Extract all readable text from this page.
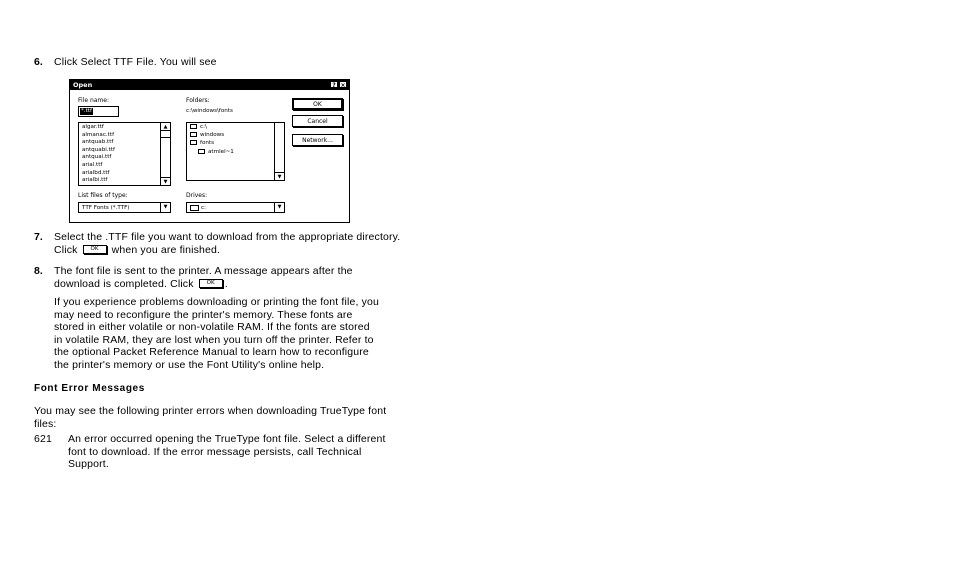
6. Click Select TTF File. You will see
Open	? ×
File name:
*.ttf
▲
▼
algar.ttf
almanac.ttf
antquab.ttf
antquabi.ttf
antquai.ttf
arial.ttf
arialbd.ttf
arialbi.ttf
List files of type:
TTF Fonts (*.TTF)	▼
Folders:
c:\windows\fonts
▼
c:\
windows
fonts
atmlel~1
Drives:
c:	▼
OK
Cancel
Network...
7. Select the .TTF file you want to download from the appropriate directory.
Click OK when you are finished.
8. The font file is sent to the printer. A message appears after the
download is completed. Click OK .

If you experience problems downloading or printing the font file, you

may need to reconfigure the printer's memory. These fonts are

stored in either volatile or non-volatile RAM. If the fonts are stored

in volatile RAM, they are lost when you turn off the printer. Refer to

the optional Packet Reference Manual to learn how to reconfigure

the printer's memory or use the Font Utility's online help.

Font Error Messages

You may see the following printer errors when downloading TrueType font

files:

621 An error occurred opening the TrueType font file. Select a different

font to download. If the error message persists, call Technical

Support.
